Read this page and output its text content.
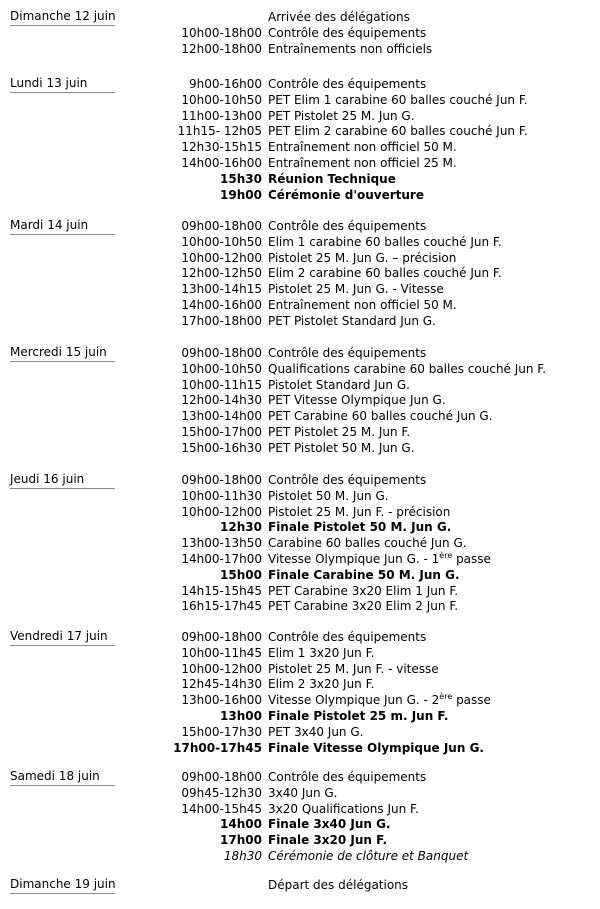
Dimanche 12 juin	Arrivée des délégations
10h00-18h00 Contrôle des équipements
12h00-18h00 Entraînements non officiels
Lundi 13 juin	9h00-16h00 Contrôle des équipements
10h00-10h50 PET Elim 1 carabine 60 balles couché Jun F.
11h00-13h00 PET Pistolet 25 M. Jun G.
11h15- 12h05 PET Elim 2 carabine 60 balles couché Jun F.
12h30-15h15 Entraînement non officiel 50 M.
14h00-16h00 Entraînement non officiel 25 M.
15h30 Réunion Technique
19h00 Cérémonie d'ouverture
Mardi 14 juin	09h00-18h00 Contrôle des équipements
10h00-10h50 Elim 1 carabine 60 balles couché Jun F.
10h00-12h00 Pistolet 25 M. Jun G. – précision
12h00-12h50 Elim 2 carabine 60 balles couché Jun F.
13h00-14h15 Pistolet 25 M. Jun G. - Vitesse
14h00-16h00 Entraînement non officiel 50 M.
17h00-18h00 PET Pistolet Standard Jun G.
Mercredi 15 juin	09h00-18h00 Contrôle des équipements
10h00-10h50 Qualifications carabine 60 balles couché Jun F.
10h00-11h15 Pistolet Standard Jun G.
12h00-14h30 PET Vitesse Olympique Jun G.
13h00-14h00 PET Carabine 60 balles couché Jun G.
15h00-17h00 PET Pistolet 25 M. Jun F.
15h00-16h30 PET Pistolet 50 M. Jun G.
Jeudi 16 juin	09h00-18h00 Contrôle des équipements
10h00-11h30 Pistolet 50 M. Jun G.
10h00-12h00 Pistolet 25 M. Jun F. - précision
12h30 Finale Pistolet 50 M. Jun G.
13h00-13h50 Carabine 60 balles couché Jun G.
14h00-17h00 Vitesse Olympique Jun G. - 1ère passe
15h00 Finale Carabine 50 M. Jun G.
14h15-15h45 PET Carabine 3x20 Elim 1 Jun F.
16h15-17h45 PET Carabine 3x20 Elim 2 Jun F.
Vendredi 17 juin	09h00-18h00 Contrôle des équipements
10h00-11h45 Elim 1 3x20 Jun F.
10h00-12h00 Pistolet 25 M. Jun F. - vitesse
12h45-14h30 Elim 2 3x20 Jun F.
13h00-16h00 Vitesse Olympique Jun G. - 2ère passe
13h00 Finale Pistolet 25 m. Jun F.
15h00-17h30 PET 3x40 Jun G.
17h00-17h45 Finale Vitesse Olympique Jun G.
Samedi 18 juin	09h00-18h00 Contrôle des équipements
09h45-12h30 3x40 Jun G.
14h00-15h45 3x20 Qualifications Jun F.
14h00 Finale 3x40 Jun G.
17h00 Finale 3x20 Jun F.
18h30 Cérémonie de clôture et Banquet
Dimanche 19 juin	Départ des délégations
